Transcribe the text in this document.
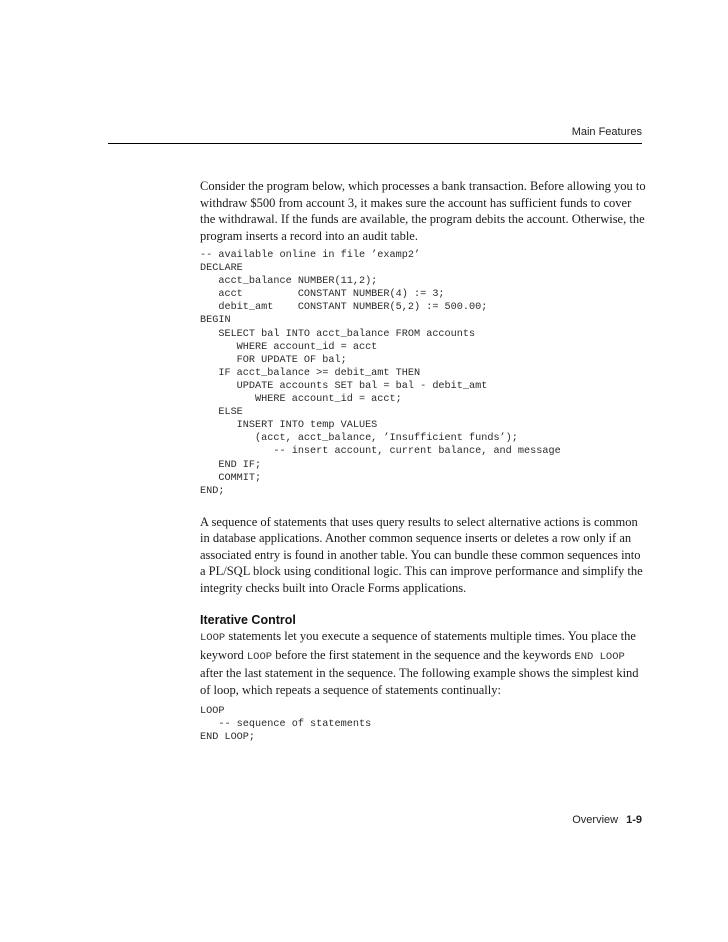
Main Features

Consider the program below, which processes a bank transaction. Before allowing you to withdraw $500 from account 3, it makes sure the account has sufficient funds to cover the withdrawal. If the funds are available, the program debits the account. Otherwise, the program inserts a record into an audit table.

-- available online in file ’examp2’
DECLARE
acct_balance NUMBER(11,2);
acct         CONSTANT NUMBER(4) := 3;
debit_amt    CONSTANT NUMBER(5,2) := 500.00;
BEGIN
SELECT bal INTO acct_balance FROM accounts
WHERE account_id = acct
FOR UPDATE OF bal;
IF acct_balance >= debit_amt THEN
UPDATE accounts SET bal = bal - debit_amt
WHERE account_id = acct;
ELSE
INSERT INTO temp VALUES
(acct, acct_balance, ’Insufficient funds’);
-- insert account, current balance, and message
END IF;
COMMIT;
END;

A sequence of statements that uses query results to select alternative actions is common in database applications. Another common sequence inserts or deletes a row only if an associated entry is found in another table. You can bundle these common sequences into a PL/SQL block using conditional logic. This can improve performance and simplify the integrity checks built into Oracle Forms applications.

Iterative Control

LOOP statements let you execute a sequence of statements multiple times. You place the keyword LOOP before the first statement in the sequence and the keywords END LOOP after the last statement in the sequence. The following example shows the simplest kind of loop, which repeats a sequence of statements continually:

LOOP
-- sequence of statements
END LOOP;
Overview 1-9
